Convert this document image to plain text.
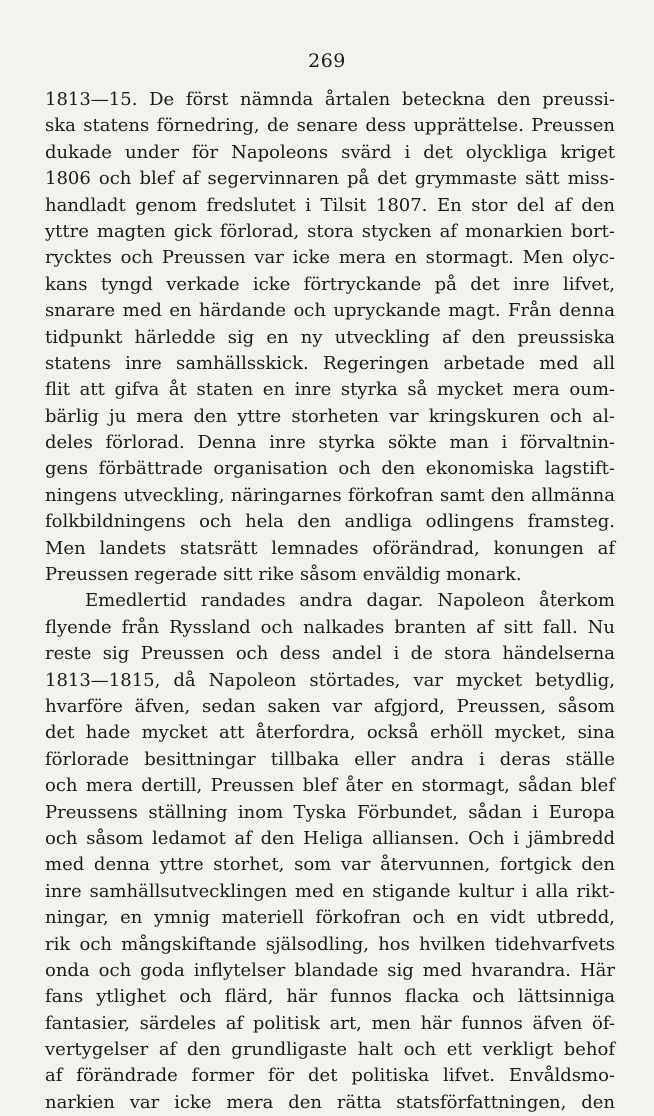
269
1813—15. De först nämnda årtalen beteckna den preussi-
ska statens förnedring, de senare dess upprättelse. Preussen
dukade under för Napoleons svärd i det olyckliga kriget
1806 och blef af segervinnaren på det grymmaste sätt miss-
handladt genom fredslutet i Tilsit 1807. En stor del af den
yttre magten gick förlorad, stora stycken af monarkien bort-
rycktes och Preussen var icke mera en stormagt. Men olyc-
kans tyngd verkade icke förtryckande på det inre lifvet,
snarare med en härdande och upryckande magt. Från denna
tidpunkt härledde sig en ny utveckling af den preussiska
statens inre samhällsskick. Regeringen arbetade med all
flit att gifva åt staten en inre styrka så mycket mera oum-
bärlig ju mera den yttre storheten var kringskuren och al-
deles förlorad. Denna inre styrka sökte man i förvaltnin-
gens förbättrade organisation och den ekonomiska lagstift-
ningens utveckling, näringarnes förkofran samt den allmänna
folkbildningens och hela den andliga odlingens framsteg.
Men landets statsrätt lemnades oförändrad, konungen af
Preussen regerade sitt rike såsom enväldig monark.
Emedlertid randades andra dagar. Napoleon återkom
flyende från Ryssland och nalkades branten af sitt fall. Nu
reste sig Preussen och dess andel i de stora händelserna
1813—1815, då Napoleon störtades, var mycket betydlig,
hvarföre äfven, sedan saken var afgjord, Preussen, såsom
det hade mycket att återfordra, också erhöll mycket, sina
förlorade besittningar tillbaka eller andra i deras ställe
och mera dertill, Preussen blef åter en stormagt, sådan blef
Preussens ställning inom Tyska Förbundet, sådan i Europa
och såsom ledamot af den Heliga alliansen. Och i jämbredd
med denna yttre storhet, som var återvunnen, fortgick den
inre samhällsutvecklingen med en stigande kultur i alla rikt-
ningar, en ymnig materiell förkofran och en vidt utbredd,
rik och mångskiftande själsodling, hos hvilken tidehvarfvets
onda och goda inflytelser blandade sig med hvarandra. Här
fans ytlighet och flärd, här funnos flacka och lättsinniga
fantasier, särdeles af politisk art, men här funnos äfven öf-
vertygelser af den grundligaste halt och ett verkligt behof
af förändrade former för det politiska lifvet. Envåldsmo-
narkien var icke mera den rätta statsförfattningen, den
